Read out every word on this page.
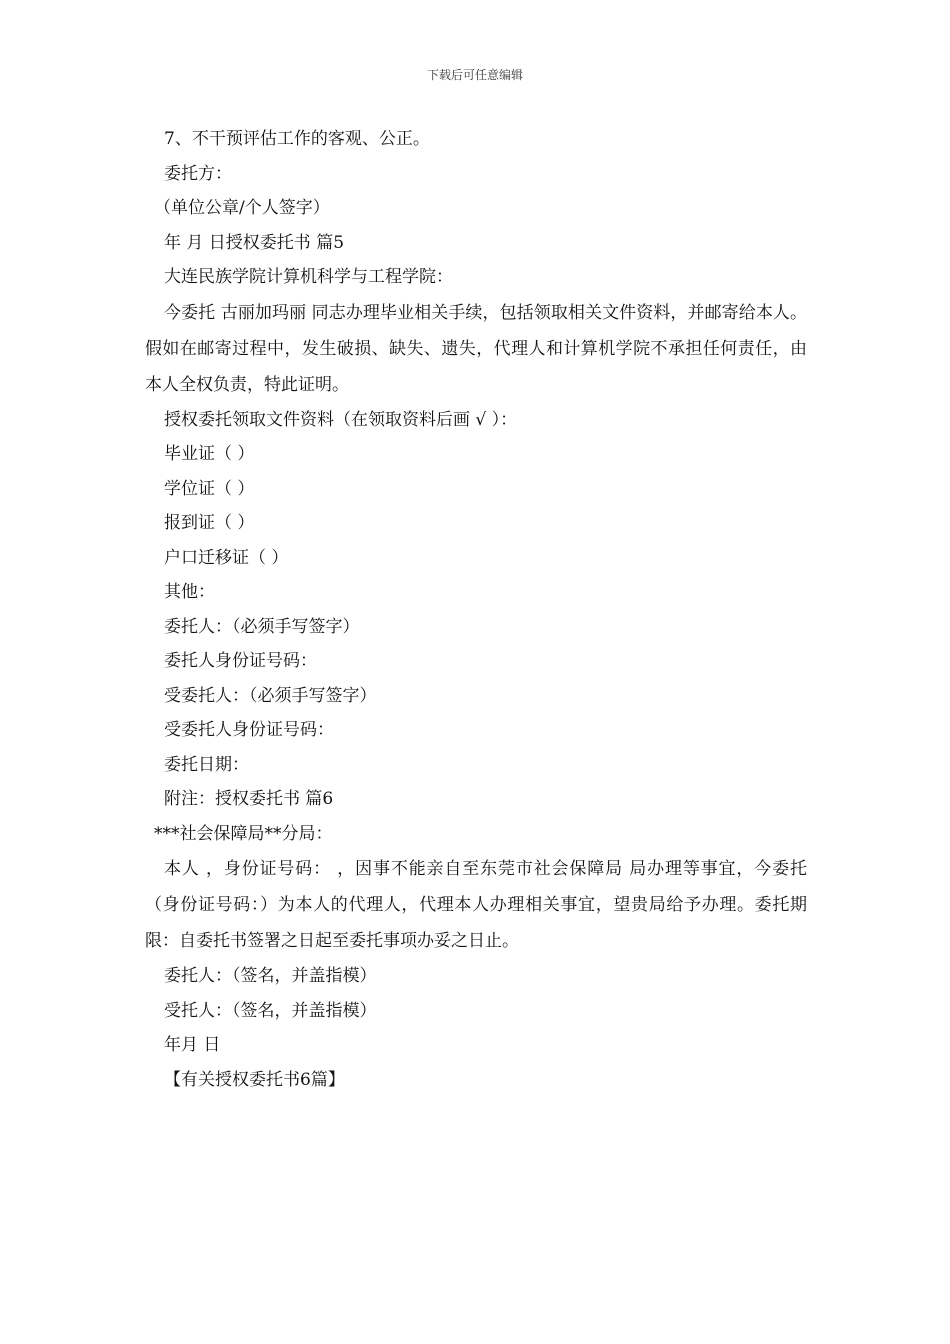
下载后可任意编辑
7、不干预评估工作的客观、公正。
委托方：
（单位公章/个人签字）
年 月 日授权委托书 篇5
大连民族学院计算机科学与工程学院：
今委托 古丽加玛丽 同志办理毕业相关手续，包括领取相关文件资料，并邮寄给本人。假如在邮寄过程中，发生破损、缺失、遗失，代理人和计算机学院不承担任何责任，由本人全权负责，特此证明。
授权委托领取文件资料（在领取资料后画 √ ）：
毕业证（ ）
学位证（ ）
报到证（ ）
户口迁移证（ ）
其他：
委托人：（必须手写签字）
委托人身份证号码：
受委托人：（必须手写签字）
受委托人身份证号码：
委托日期：
附注：授权委托书 篇6
***社会保障局**分局：
本人 ，身份证号码： ，因事不能亲自至东莞市社会保障局 局办理等事宜，今委托 （身份证号码：）为本人的代理人，代理本人办理相关事宜，望贵局给予办理。委托期限：自委托书签署之日起至委托事项办妥之日止。
委托人：（签名，并盖指模）
受托人：（签名，并盖指模）
年月 日
【有关授权委托书6篇】
